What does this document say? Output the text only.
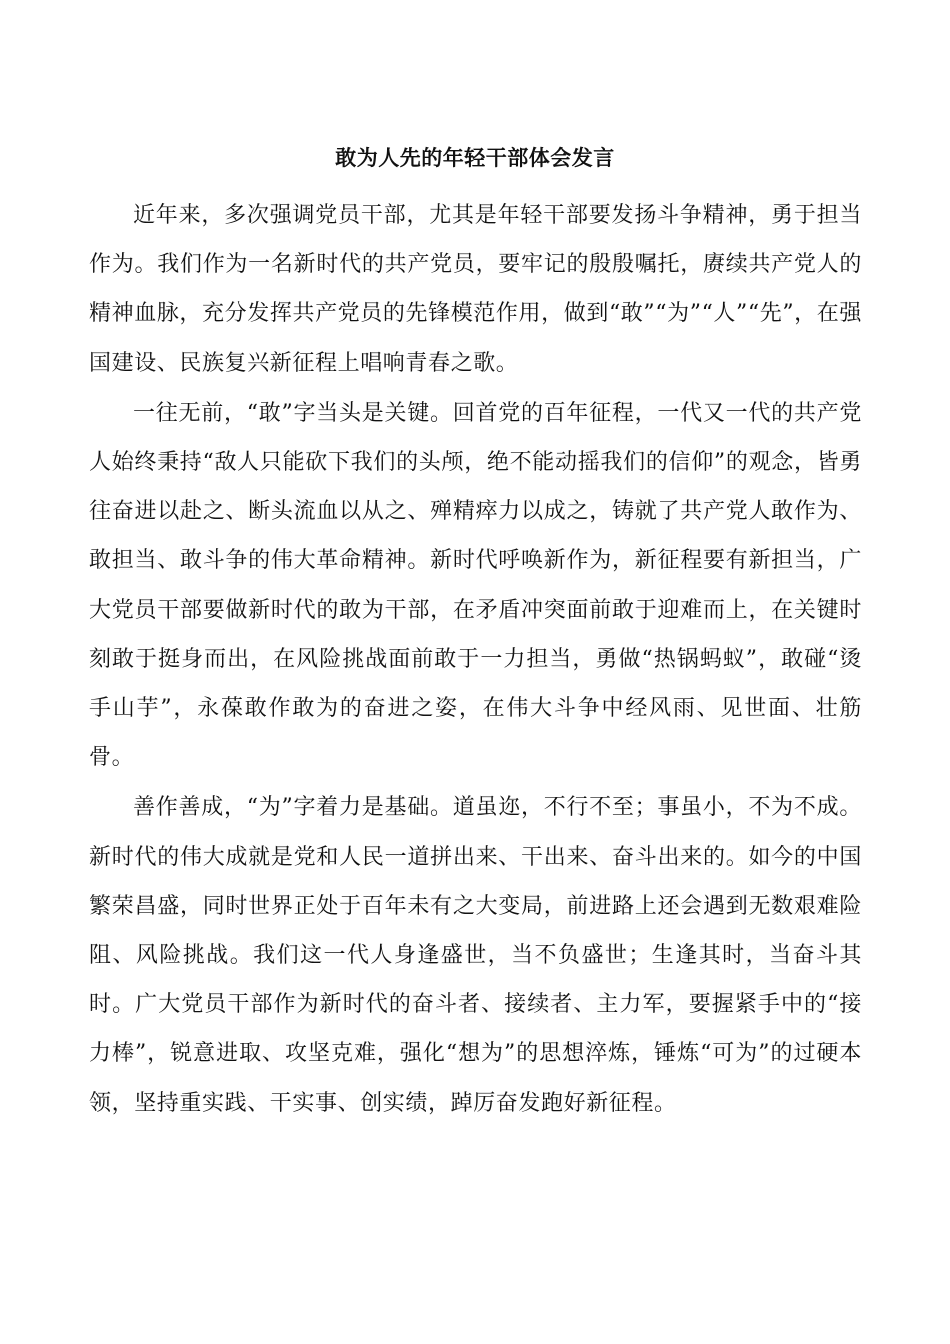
敢为人先的年轻干部体会发言

近年来，多次强调党员干部，尤其是年轻干部要发扬斗争精神，勇于担当作为。我们作为一名新时代的共产党员，要牢记的殷殷嘱托，赓续共产党人的精神血脉，充分发挥共产党员的先锋模范作用，做到“敢”“为”“人”“先”，在强国建设、民族复兴新征程上唱响青春之歌。

一往无前，“敢”字当头是关键。回首党的百年征程，一代又一代的共产党人始终秉持“敌人只能砍下我们的头颅，绝不能动摇我们的信仰”的观念，皆勇往奋进以赴之、断头流血以从之、殚精瘁力以成之，铸就了共产党人敢作为、敢担当、敢斗争的伟大革命精神。新时代呼唤新作为，新征程要有新担当，广大党员干部要做新时代的敢为干部，在矛盾冲突面前敢于迎难而上，在关键时刻敢于挺身而出，在风险挑战面前敢于一力担当，勇做“热锅蚂蚁”，敢碰“烫手山芋”，永葆敢作敢为的奋进之姿，在伟大斗争中经风雨、见世面、壮筋骨。

善作善成，“为”字着力是基础。道虽迩，不行不至；事虽小，不为不成。新时代的伟大成就是党和人民一道拼出来、干出来、奋斗出来的。如今的中国繁荣昌盛，同时世界正处于百年未有之大变局，前进路上还会遇到无数艰难险阻、风险挑战。我们这一代人身逢盛世，当不负盛世；生逢其时，当奋斗其时。广大党员干部作为新时代的奋斗者、接续者、主力军，要握紧手中的“接力棒”，锐意进取、攻坚克难，强化“想为”的思想淬炼，锤炼“可为”的过硬本领，坚持重实践、干实事、创实绩，踔厉奋发跑好新征程。
